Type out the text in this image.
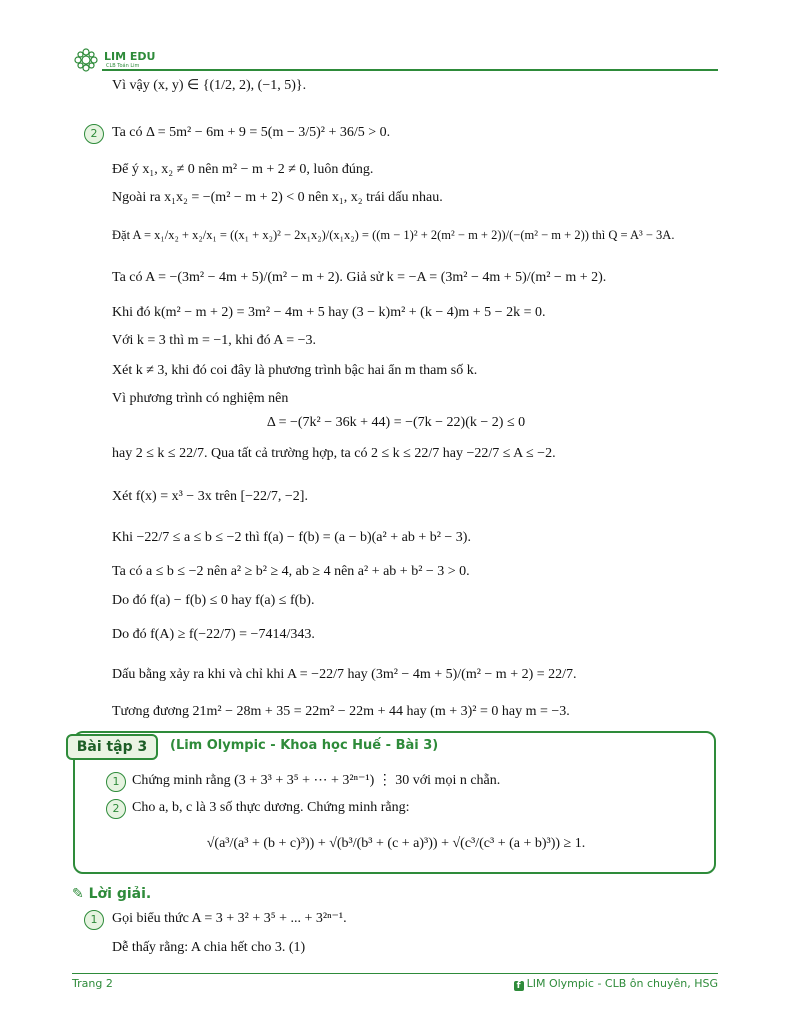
LIM EDU
CLB Toán Lim
Vì vậy (x, y) ∈ {(1/2, 2), (−1, 5)}.
2	Ta có Δ = 5m² − 6m + 9 = 5(m − 3/5)² + 36/5 > 0.
Để ý x₁, x₂ ≠ 0 nên m² − m + 2 ≠ 0, luôn đúng.
Ngoài ra x₁x₂ = −(m² − m + 2) < 0 nên x₁, x₂ trái dấu nhau.
Đặt A = x₁/x₂ + x₂/x₁ = ((x₁ + x₂)² − 2x₁x₂)/(x₁x₂) = ((m − 1)² + 2(m² − m + 2))/(−(m² − m + 2)) thì Q = A³ − 3A.
Ta có A = −(3m² − 4m + 5)/(m² − m + 2). Giả sử k = −A = (3m² − 4m + 5)/(m² − m + 2).
Khi đó k(m² − m + 2) = 3m² − 4m + 5 hay (3 − k)m² + (k − 4)m + 5 − 2k = 0.
Với k = 3 thì m = −1, khi đó A = −3.
Xét k ≠ 3, khi đó coi đây là phương trình bậc hai ẩn m tham số k.
Vì phương trình có nghiệm nên
Δ = −(7k² − 36k + 44) = −(7k − 22)(k − 2) ≤ 0
hay 2 ≤ k ≤ 22/7. Qua tất cả trường hợp, ta có 2 ≤ k ≤ 22/7 hay −22/7 ≤ A ≤ −2.
Xét f(x) = x³ − 3x trên [−22/7, −2].
Khi −22/7 ≤ a ≤ b ≤ −2 thì f(a) − f(b) = (a − b)(a² + ab + b² − 3).
Ta có a ≤ b ≤ −2 nên a² ≥ b² ≥ 4, ab ≥ 4 nên a² + ab + b² − 3 > 0.
Do đó f(a) − f(b) ≤ 0 hay f(a) ≤ f(b).
Do đó f(A) ≥ f(−22/7) = −7414/343.
Dấu bằng xảy ra khi và chỉ khi A = −22/7 hay (3m² − 4m + 5)/(m² − m + 2) = 22/7.
Tương đương 21m² − 28m + 35 = 22m² − 22m + 44 hay (m + 3)² = 0 hay m = −3.
Bài tập 3	(Lim Olympic - Khoa học Huế - Bài 3)
1 Chứng minh rằng (3 + 3³ + 3⁵ + ⋯ + 3²ⁿ⁻¹) ⋮ 30 với mọi n chẵn.
2 Cho a, b, c là 3 số thực dương. Chứng minh rằng:
√(a³/(a³ + (b + c)³)) + √(b³/(b³ + (c + a)³)) + √(c³/(c³ + (a + b)³)) ≥ 1.
✎ Lời giải.
1	Gọi biểu thức A = 3 + 3² + 3⁵ + ... + 3²ⁿ⁻¹.
Dễ thấy rằng: A chia hết cho 3. (1)
Trang 2	f LIM Olympic - CLB ôn chuyên, HSG
